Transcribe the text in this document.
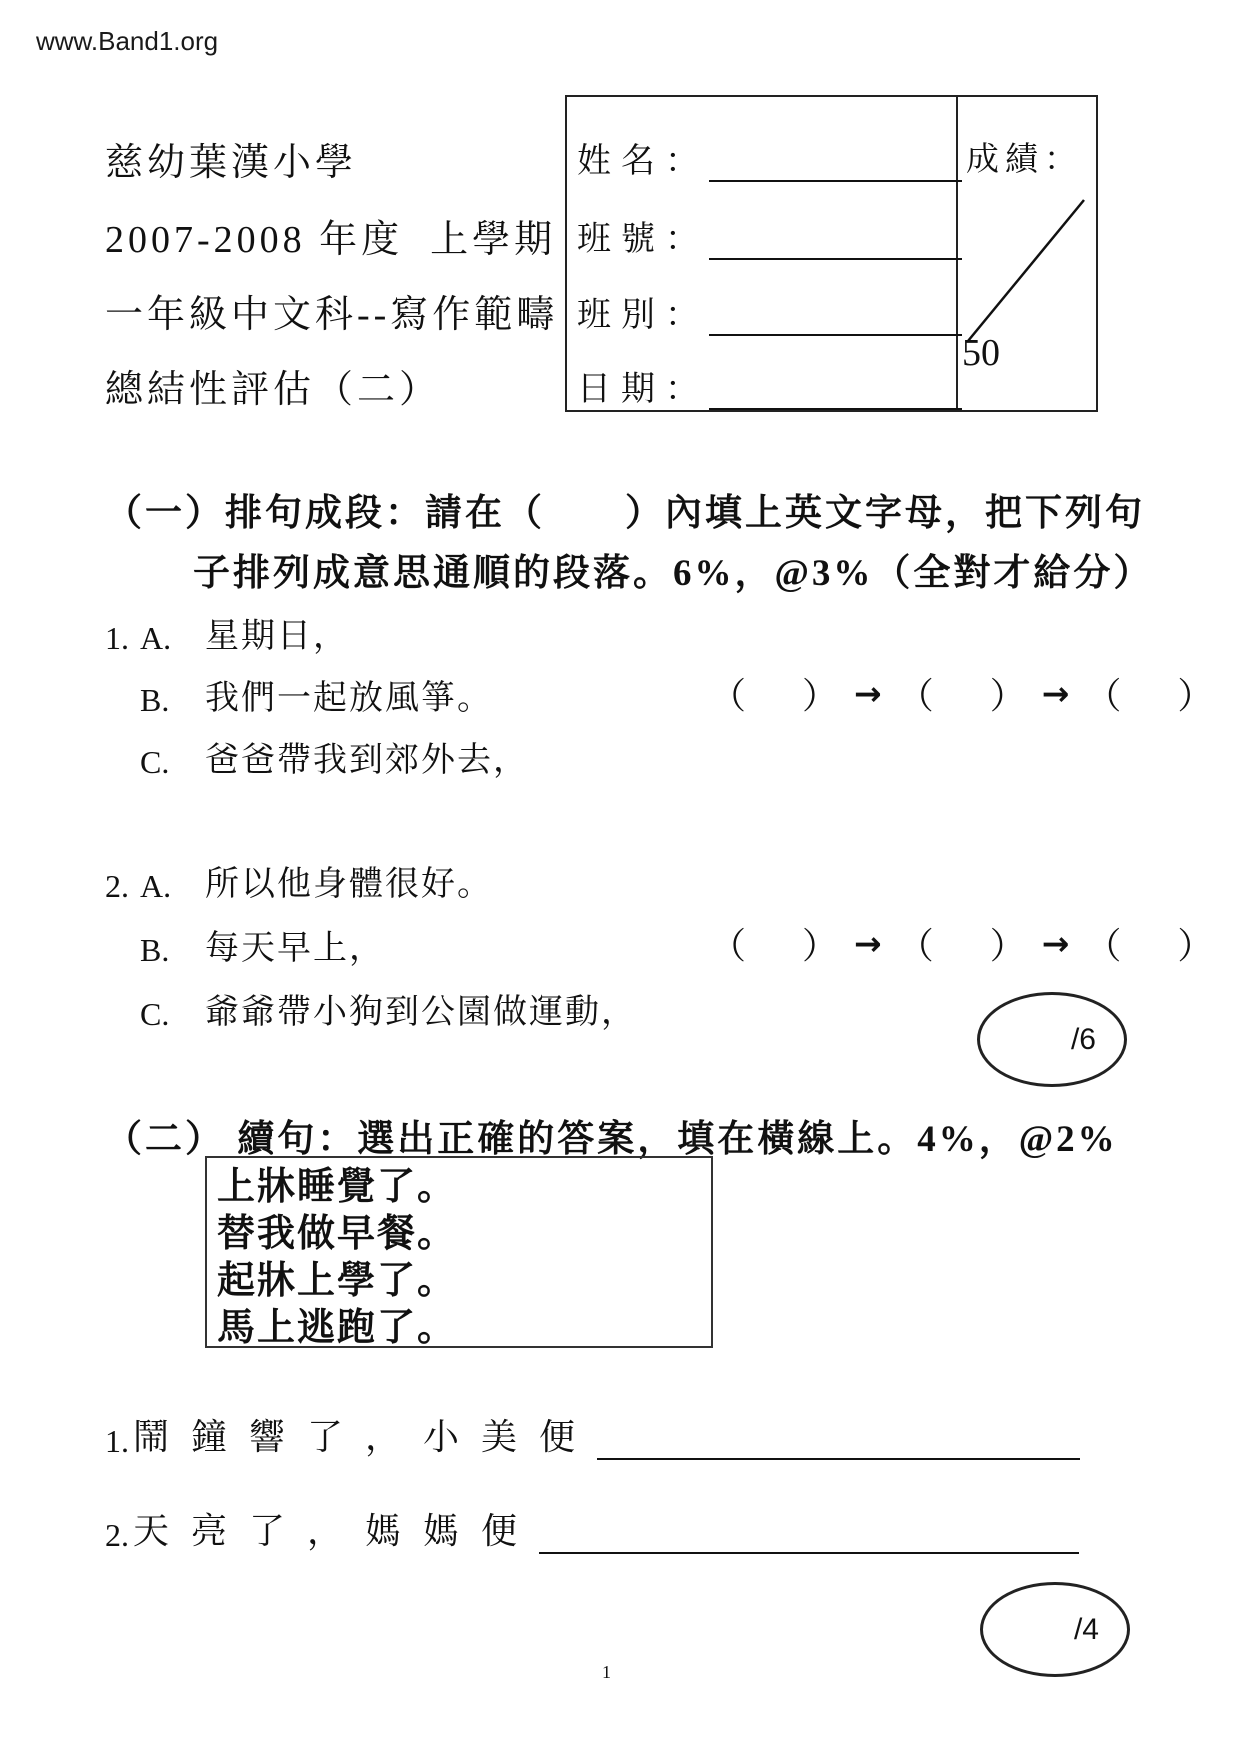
www.Band1.org
慈幼葉漢小學
2007-2008 年度  上學期
一年級中文科--寫作範疇
總結性評估（二）
成績：
50
姓名：
班號：
班別：
日期：
（一）排句成段：請在（　　）內填上英文字母，把下列句
子排列成意思通順的段落。6%，@3%（全對才給分）
1. A. 星期日，
B.	我們一起放風箏。
C.	爸爸帶我到郊外去，
（ ） → （ ） → （ ）
2. A. 所以他身體很好。
B.	每天早上，
C.	爺爺帶小狗到公園做運動，
（ ） → （ ） → （ ）
/6
（二） 續句：選出正確的答案，填在橫線上。4%，@2%
上牀睡覺了。
替我做早餐。
起牀上學了。
馬上逃跑了。
1. 鬧鐘響了，小美便
2. 天亮了，媽媽便
/4
1
